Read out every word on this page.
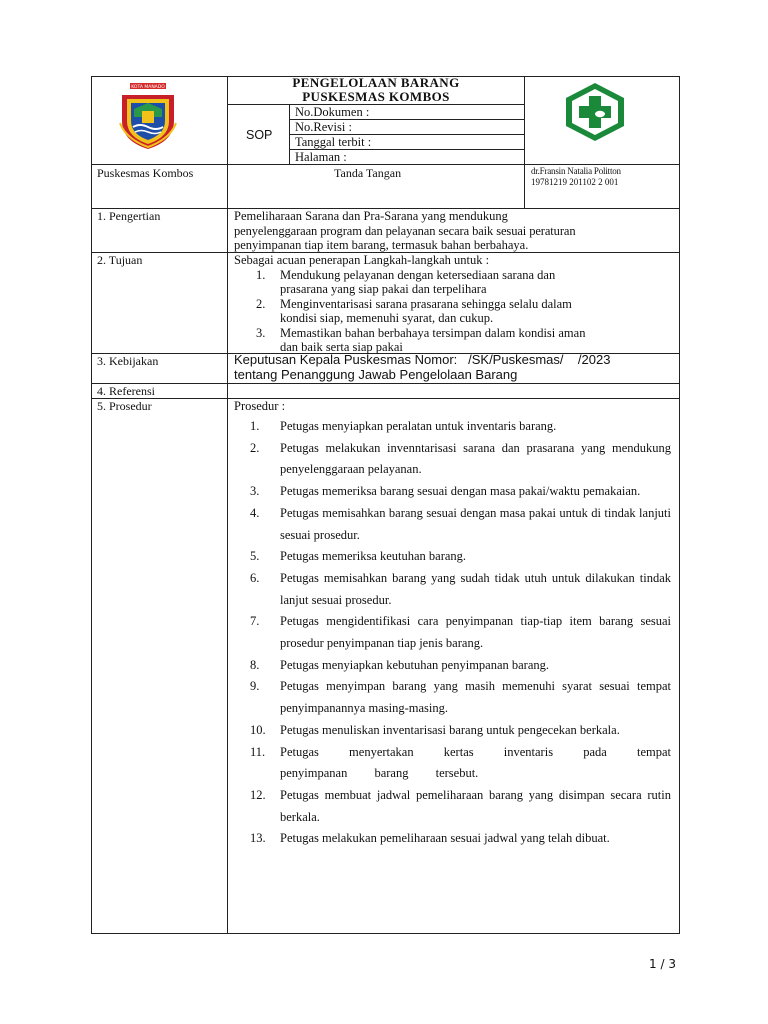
KOTA MANADO	PENGELOLAAN BARANG
PUSKESMAS KOMBOS
SOP
No.Dokumen :
No.Revisi :
Tanggal terbit :
Halaman :
Puskesmas Kombos	Tanda Tangan	dr.Fransin Natalia Politton
19781219 201102 2 001
1. Pengertian	Pemeliharaan Sarana dan Pra-Sarana yang mendukung
penyelenggaraan program dan pelayanan secara baik sesuai peraturan
penyimpanan tiap item barang, termasuk bahan berbahaya.
2. Tujuan	Sebagai acuan penerapan Langkah-langkah untuk :
1. Mendukung pelayanan dengan ketersediaan sarana dan
prasarana yang siap pakai dan terpelihara
2. Menginventarisasi sarana prasarana sehingga selalu dalam
kondisi siap, memenuhi syarat, dan cukup.
3. Memastikan bahan berbahaya tersimpan dalam kondisi aman
dan baik serta siap pakai
3. Kebijakan	Keputusan Kepala Puskesmas Nomor:   /SK/Puskesmas/    /2023
tentang Penanggung Jawab Pengelolaan Barang
4. Referensi
5. Prosedur	Prosedur :
1.	Petugas menyiapkan peralatan untuk inventaris barang.
2.	Petugas melakukan invenntarisasi sarana dan prasarana yang mendukung penyelenggaraan pelayanan.
3.	Petugas memeriksa barang sesuai dengan masa pakai/waktu pemakaian.
4.	Petugas memisahkan barang sesuai dengan masa pakai untuk di tindak lanjuti sesuai prosedur.
5.	Petugas memeriksa keutuhan barang.
6.	Petugas memisahkan barang yang sudah tidak utuh untuk dilakukan tindak lanjut sesuai prosedur.
7.	Petugas mengidentifikasi cara penyimpanan tiap-tiap item barang sesuai prosedur penyimpanan tiap jenis barang.
8.	Petugas menyiapkan kebutuhan penyimpanan barang.
9.	Petugas menyimpan barang yang masih memenuhi syarat sesuai tempat penyimpanannya masing-masing.
10.	Petugas menuliskan inventarisasi barang untuk pengecekan berkala.
11.	Petugas menyertakan kertas inventaris pada tempat penyimpanan barang tersebut.
12.	Petugas membuat jadwal pemeliharaan barang yang disimpan secara rutin berkala.
13.	Petugas melakukan pemeliharaan sesuai jadwal yang telah dibuat.
1 / 3
